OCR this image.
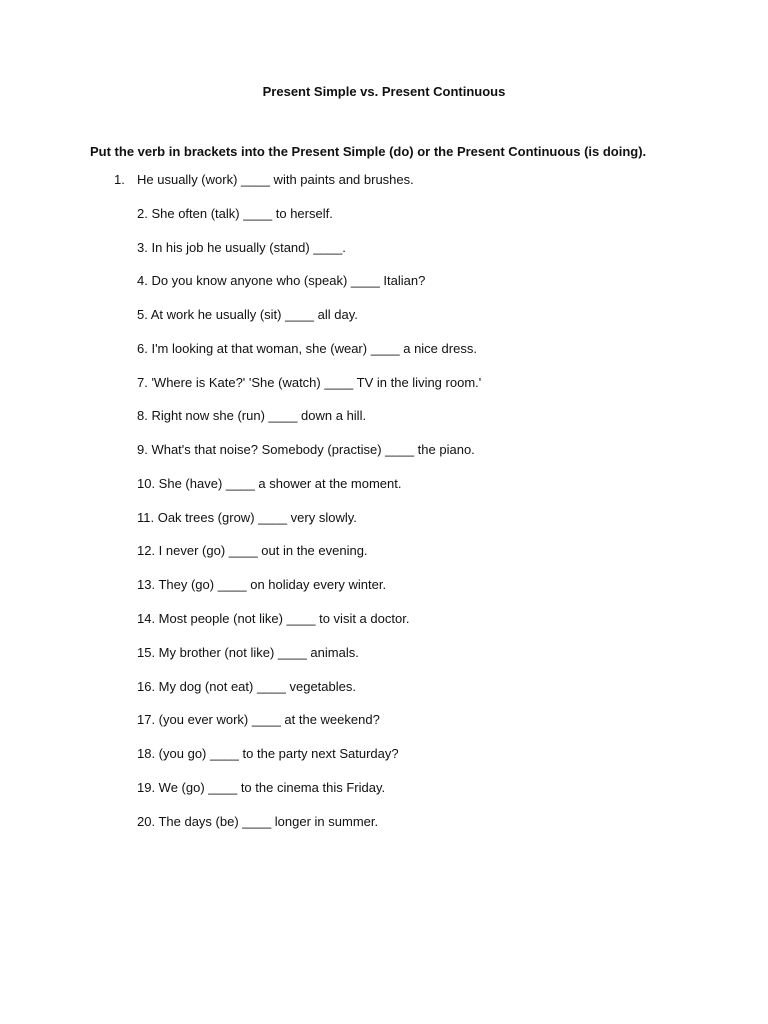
Present Simple vs. Present Continuous
Put the verb in brackets into the Present Simple (do) or the Present Continuous (is doing).
1. He usually (work) ____ with paints and brushes.
2. She often (talk) ____ to herself.
3. In his job he usually (stand) ____.
4. Do you know anyone who (speak) ____ Italian?
5. At work he usually (sit) ____ all day.
6. I'm looking at that woman, she (wear) ____ a nice dress.
7. 'Where is Kate?' 'She (watch) ____ TV in the living room.'
8. Right now she (run) ____ down a hill.
9. What's that noise? Somebody (practise) ____ the piano.
10. She (have) ____ a shower at the moment.
11. Oak trees (grow) ____ very slowly.
12. I never (go) ____ out in the evening.
13. They (go) ____ on holiday every winter.
14. Most people (not like) ____ to visit a doctor.
15. My brother (not like) ____ animals.
16. My dog (not eat) ____ vegetables.
17. (you ever work) ____ at the weekend?
18. (you go) ____ to the party next Saturday?
19. We (go) ____ to the cinema this Friday.
20. The days (be) ____ longer in summer.
